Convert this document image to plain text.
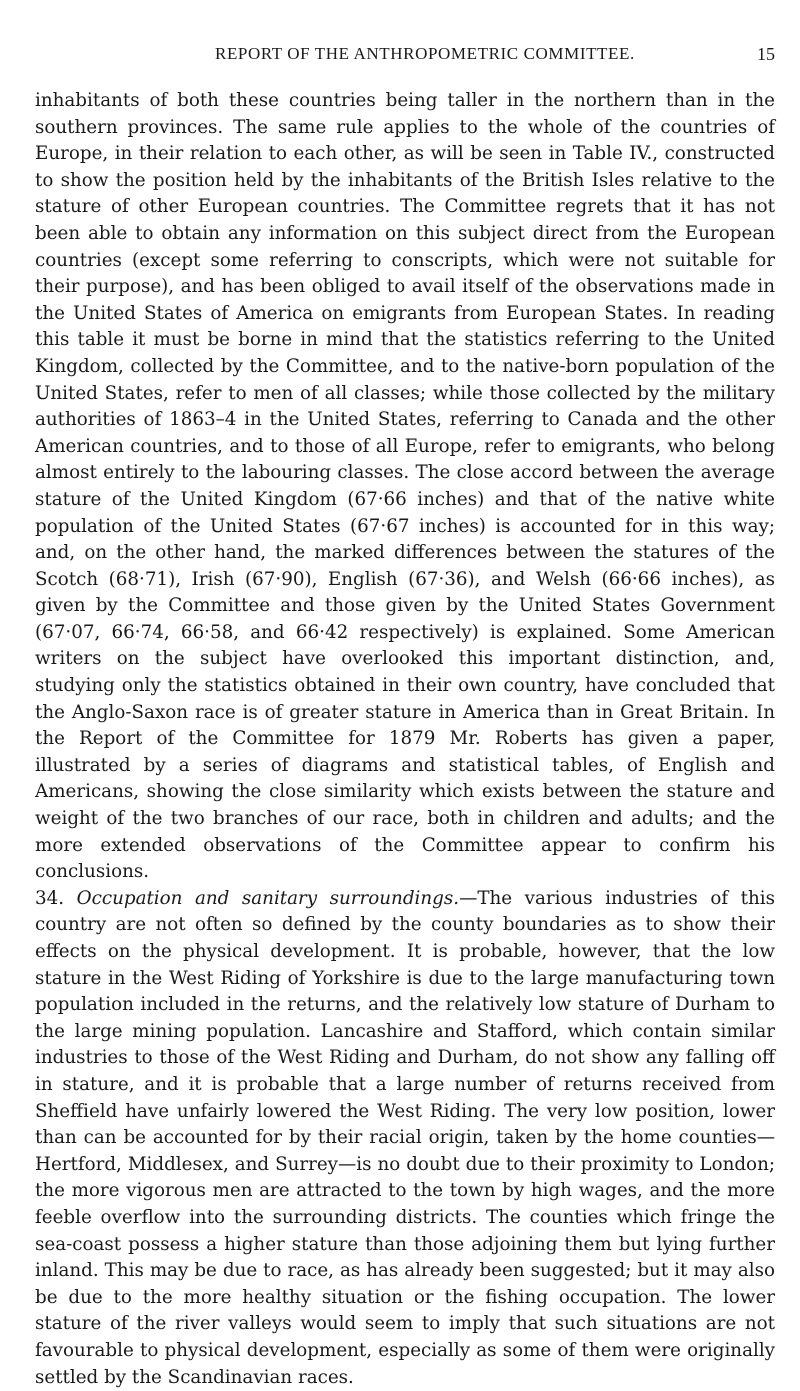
REPORT OF THE ANTHROPOMETRIC COMMITTEE.	15

inhabitants of both these countries being taller in the northern than in the southern provinces. The same rule applies to the whole of the countries of Europe, in their relation to each other, as will be seen in Table IV., constructed to show the position held by the inhabitants of the British Isles relative to the stature of other European countries. The Committee regrets that it has not been able to obtain any information on this subject direct from the European countries (except some referring to conscripts, which were not suitable for their purpose), and has been obliged to avail itself of the observations made in the United States of America on emigrants from European States. In reading this table it must be borne in mind that the statistics referring to the United Kingdom, collected by the Committee, and to the native-born population of the United States, refer to men of all classes; while those collected by the military authorities of 1863–4 in the United States, referring to Canada and the other American countries, and to those of all Europe, refer to emigrants, who belong almost entirely to the labouring classes. The close accord between the average stature of the United Kingdom (67·66 inches) and that of the native white population of the United States (67·67 inches) is accounted for in this way; and, on the other hand, the marked differences between the statures of the Scotch (68·71), Irish (67·90), English (67·36), and Welsh (66·66 inches), as given by the Committee and those given by the United States Government (67·07, 66·74, 66·58, and 66·42 respectively) is explained. Some American writers on the subject have overlooked this important distinction, and, studying only the statistics obtained in their own country, have concluded that the Anglo-Saxon race is of greater stature in America than in Great Britain. In the Report of the Committee for 1879 Mr. Roberts has given a paper, illustrated by a series of diagrams and statistical tables, of English and Americans, showing the close similarity which exists between the stature and weight of the two branches of our race, both in children and adults; and the more extended observations of the Committee appear to confirm his conclusions.

34. Occupation and sanitary surroundings.—The various industries of this country are not often so defined by the county boundaries as to show their effects on the physical development. It is probable, however, that the low stature in the West Riding of Yorkshire is due to the large manufacturing town population included in the returns, and the relatively low stature of Durham to the large mining population. Lancashire and Stafford, which contain similar industries to those of the West Riding and Durham, do not show any falling off in stature, and it is probable that a large number of returns received from Sheffield have unfairly lowered the West Riding. The very low position, lower than can be accounted for by their racial origin, taken by the home counties—Hertford, Middlesex, and Surrey—is no doubt due to their proximity to London; the more vigorous men are attracted to the town by high wages, and the more feeble overflow into the surrounding districts. The counties which fringe the sea-coast possess a higher stature than those adjoining them but lying further inland. This may be due to race, as has already been suggested; but it may also be due to the more healthy situation or the fishing occupation. The lower stature of the river valleys would seem to imply that such situations are not favourable to physical development, especially as some of them were originally settled by the Scandinavian races.
